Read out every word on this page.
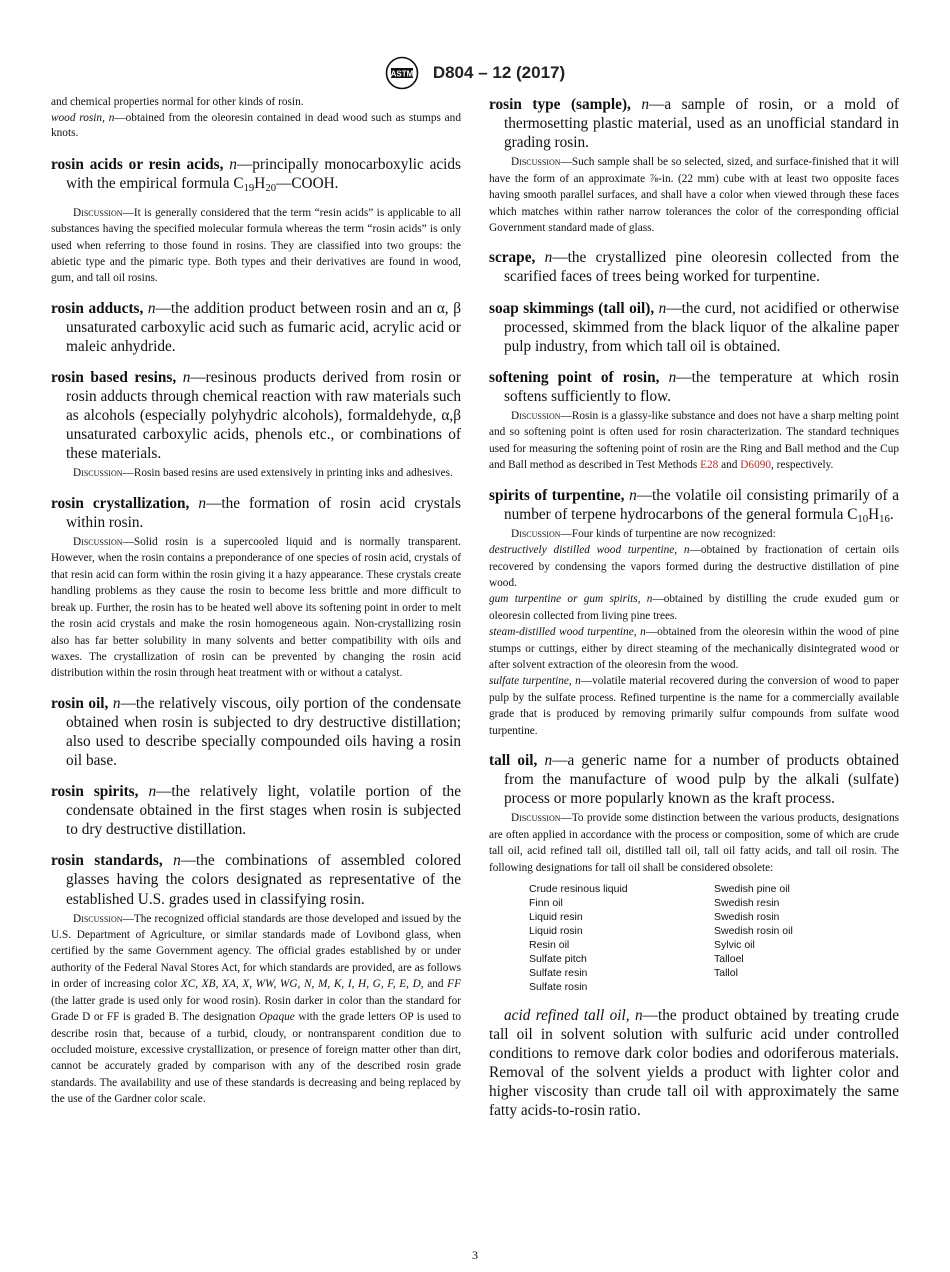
ASTM D804 – 12 (2017)
and chemical properties normal for other kinds of rosin.
wood rosin, n—obtained from the oleoresin contained in dead wood such as stumps and knots.
rosin acids or resin acids, n—principally monocarboxylic acids with the empirical formula $C_{19}H_{20}—COOH$.

Discussion—It is generally considered that the term “resin acids” is applicable to all substances having the specified molecular formula whereas the term “rosin acids” is only used when referring to those found in rosins. They are classified into two groups: the abietic type and the pimaric type. Both types and their derivatives are found in wood, gum, and tall oil rosins.

rosin adducts, n—the addition product between rosin and an α, β unsaturated carboxylic acid such as fumaric acid, acrylic acid or maleic anhydride.
rosin based resins, n—resinous products derived from rosin or rosin adducts through chemical reaction with raw materials such as alcohols (especially polyhydric alcohols), formaldehyde, α,β unsaturated carboxylic acids, phenols etc., or combinations of these materials.

Discussion—Rosin based resins are used extensively in printing inks and adhesives.

rosin crystallization, n—the formation of rosin acid crystals within rosin.

Discussion—Solid rosin is a supercooled liquid and is normally transparent. However, when the rosin contains a preponderance of one species of rosin acid, crystals of that resin acid can form within the rosin giving it a hazy appearance. These crystals create handling problems as they cause the rosin to become less brittle and more difficult to break up. Further, the rosin has to be heated well above its softening point in order to melt the rosin acid crystals and make the rosin homogeneous again. Non-crystallizing rosin also has far better solubility in many solvents and better compatibility with oils and waxes. The crystallization of rosin can be prevented by changing the rosin acid distribution within the rosin through heat treatment with or without a catalyst.

rosin oil, n—the relatively viscous, oily portion of the condensate obtained when rosin is subjected to dry destructive distillation; also used to describe specially compounded oils having a rosin oil base.
rosin spirits, n—the relatively light, volatile portion of the condensate obtained in the first stages when rosin is subjected to dry destructive distillation.
rosin standards, n—the combinations of assembled colored glasses having the colors designated as representative of the established U.S. grades used in classifying rosin.

Discussion—The recognized official standards are those developed and issued by the U.S. Department of Agriculture, or similar standards made of Lovibond glass, when certified by the same Government agency. The official grades established by or under authority of the Federal Naval Stores Act, for which standards are provided, are as follows in order of increasing color XC, XB, XA, X, WW, WG, N, M, K, I, H, G, F, E, D, and FF (the latter grade is used only for wood rosin). Rosin darker in color than the standard for Grade D or FF is graded B. The designation Opaque with the grade letters OP is used to describe rosin that, because of a turbid, cloudy, or nontransparent condition due to occluded moisture, excessive crystallization, or presence of foreign matter other than dirt, cannot be accurately graded by comparison with any of the described rosin grade standards. The availability and use of these standards is decreasing and being replaced by the use of the Gardner color scale.

rosin type (sample), n—a sample of rosin, or a mold of thermosetting plastic material, used as an unofficial standard in grading rosin.

Discussion—Such sample shall be so selected, sized, and surface-finished that it will have the form of an approximate ⅞-in. (22 mm) cube with at least two opposite faces having smooth parallel surfaces, and shall have a color when viewed through these faces which matches within rather narrow tolerances the color of the corresponding official Government standard made of glass.

scrape, n—the crystallized pine oleoresin collected from the scarified faces of trees being worked for turpentine.
soap skimmings (tall oil), n—the curd, not acidified or otherwise processed, skimmed from the black liquor of the alkaline paper pulp industry, from which tall oil is obtained.
softening point of rosin, n—the temperature at which rosin softens sufficiently to flow.

Discussion—Rosin is a glassy-like substance and does not have a sharp melting point and so softening point is often used for rosin characterization. The standard techniques used for measuring the softening point of rosin are the Ring and Ball method and the Cup and Ball method as described in Test Methods E28 and D6090, respectively.

spirits of turpentine, n—the volatile oil consisting primarily of a number of terpene hydrocarbons of the general formula $C_{10}H_{16}$.

Discussion—Four kinds of turpentine are now recognized:

destructively distilled wood turpentine, n—obtained by fractionation of certain oils recovered by condensing the vapors formed during the destructive distillation of pine wood.

gum turpentine or gum spirits, n—obtained by distilling the crude exuded gum or oleoresin collected from living pine trees.

steam-distilled wood turpentine, n—obtained from the oleoresin within the wood of pine stumps or cuttings, either by direct steaming of the mechanically disintegrated wood or after solvent extraction of the oleoresin from the wood.

sulfate turpentine, n—volatile material recovered during the conversion of wood to paper pulp by the sulfate process. Refined turpentine is the name for a commercially available grade that is produced by removing primarily sulfur compounds from sulfate wood turpentine.

tall oil, n—a generic name for a number of products obtained from the manufacture of wood pulp by the alkali (sulfate) process or more popularly known as the kraft process.

Discussion—To provide some distinction between the various products, designations are often applied in accordance with the process or composition, some of which are crude tall oil, acid refined tall oil, distilled tall oil, tall oil fatty acids, and tall oil rosin. The following designations for tall oil shall be considered obsolete:

Crude resinous liquid
Finn oil
Liquid resin
Liquid rosin
Resin oil
Sulfate pitch
Sulfate resin
Sulfate rosin
Swedish pine oil
Swedish resin
Swedish rosin
Swedish rosin oil
Sylvic oil
Talloel
Tallol
acid refined tall oil, n—the product obtained by treating crude tall oil in solvent solution with sulfuric acid under controlled conditions to remove dark color bodies and odoriferous materials. Removal of the solvent yields a product with lighter color and higher viscosity than crude tall oil with approximately the same fatty acids-to-rosin ratio.
3
